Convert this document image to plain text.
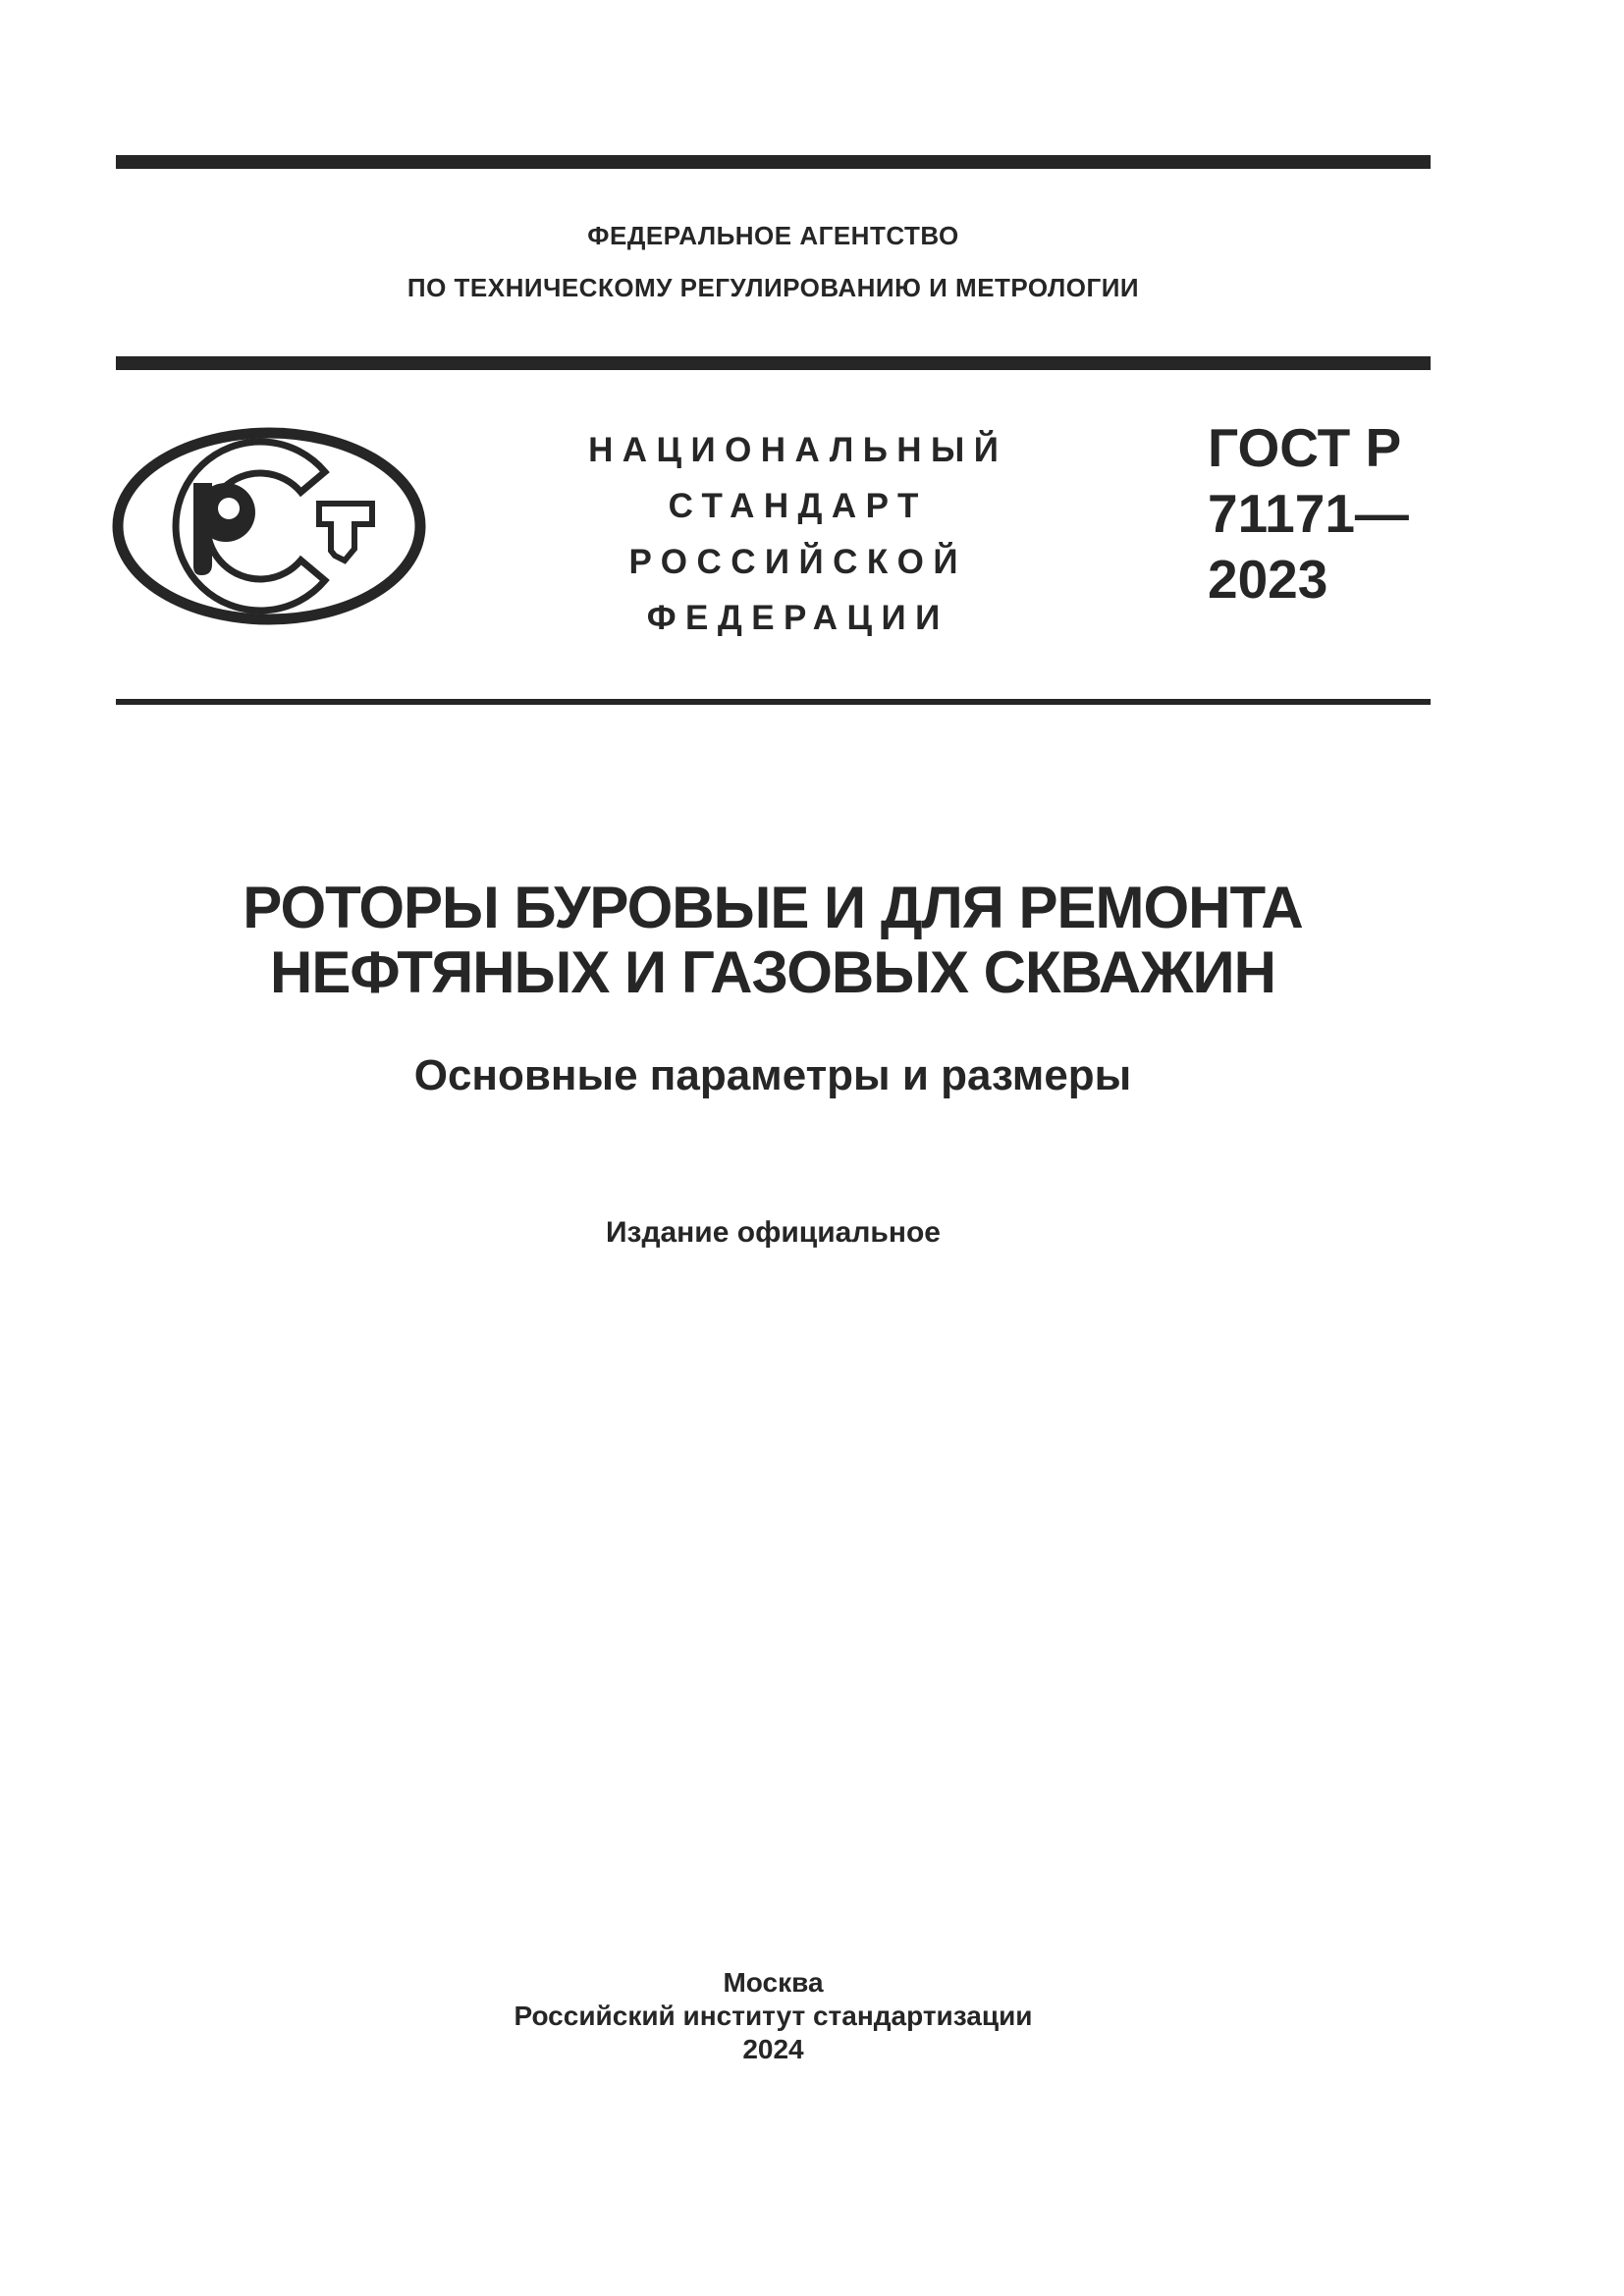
ФЕДЕРАЛЬНОЕ АГЕНТСТВО
ПО ТЕХНИЧЕСКОМУ РЕГУЛИРОВАНИЮ И МЕТРОЛОГИИ
НАЦИОНАЛЬНЫЙ
СТАНДАРТ
РОССИЙСКОЙ
ФЕДЕРАЦИИ
ГОСТ Р
71171—
2023
РОТОРЫ БУРОВЫЕ И ДЛЯ РЕМОНТА
НЕФТЯНЫХ И ГАЗОВЫХ СКВАЖИН
Основные параметры и размеры
Издание официальное
Москва
Российский институт стандартизации
2024
